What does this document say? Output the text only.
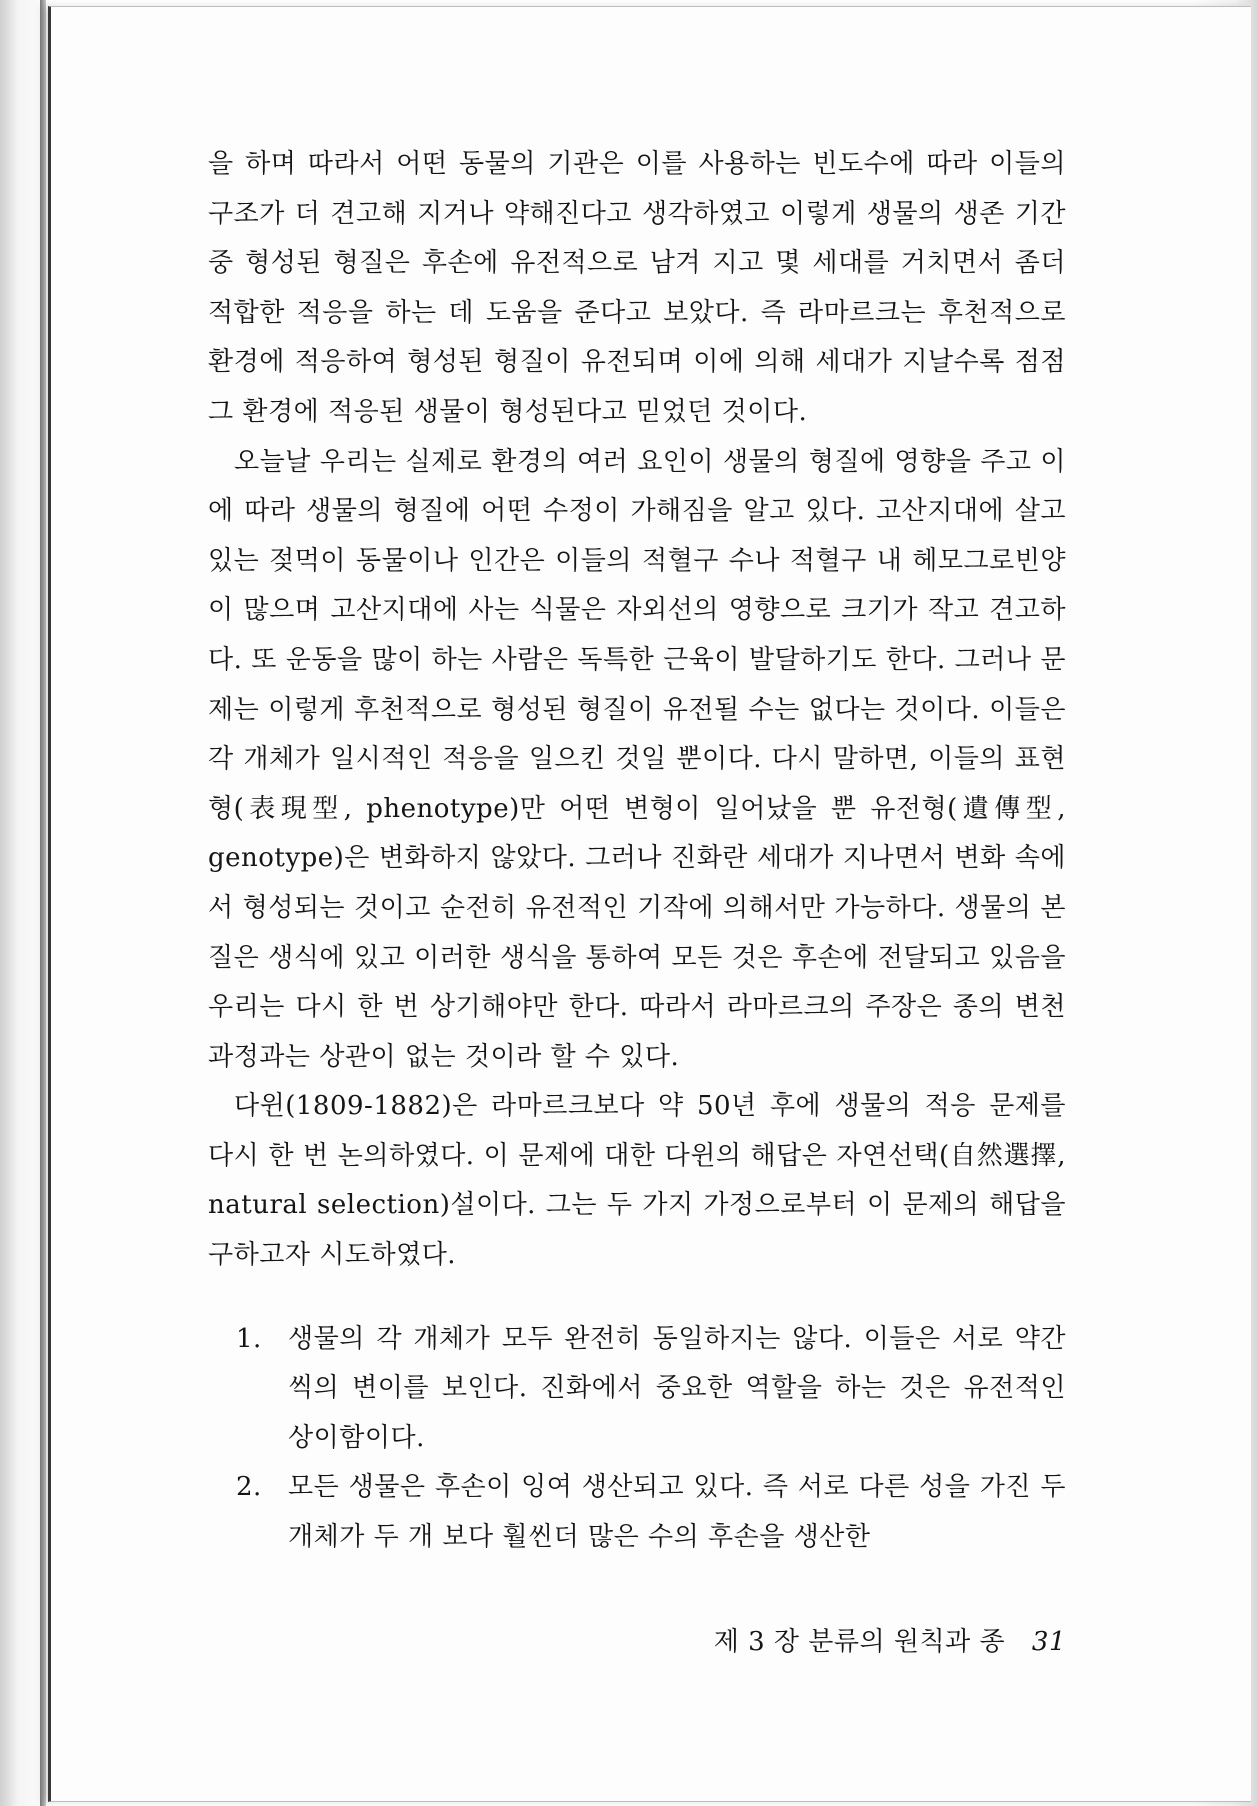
을 하며 따라서 어떤 동물의 기관은 이를 사용하는 빈도수에 따라 이들의 구조가 더 견고해 지거나 약해진다고 생각하였고 이렇게 생물의 생존 기간 중 형성된 형질은 후손에 유전적으로 남겨 지고 몇 세대를 거치면서 좀더 적합한 적응을 하는 데 도움을 준다고 보았다. 즉 라마르크는 후천적으로 환경에 적응하여 형성된 형질이 유전되며 이에 의해 세대가 지날수록 점점 그 환경에 적응된 생물이 형성된다고 믿었던 것이다.

오늘날 우리는 실제로 환경의 여러 요인이 생물의 형질에 영향을 주고 이에 따라 생물의 형질에 어떤 수정이 가해짐을 알고 있다. 고산지대에 살고 있는 젖먹이 동물이나 인간은 이들의 적혈구 수나 적혈구 내 헤모그로빈양이 많으며 고산지대에 사는 식물은 자외선의 영향으로 크기가 작고 견고하다. 또 운동을 많이 하는 사람은 독특한 근육이 발달하기도 한다. 그러나 문제는 이렇게 후천적으로 형성된 형질이 유전될 수는 없다는 것이다. 이들은 각 개체가 일시적인 적응을 일으킨 것일 뿐이다. 다시 말하면, 이들의 표현형(表現型, phenotype)만 어떤 변형이 일어났을 뿐 유전형(遺傳型, genotype)은 변화하지 않았다. 그러나 진화란 세대가 지나면서 변화 속에서 형성되는 것이고 순전히 유전적인 기작에 의해서만 가능하다. 생물의 본질은 생식에 있고 이러한 생식을 통하여 모든 것은 후손에 전달되고 있음을 우리는 다시 한 번 상기해야만 한다. 따라서 라마르크의 주장은 종의 변천 과정과는 상관이 없는 것이라 할 수 있다.

다윈(1809-1882)은 라마르크보다 약 50년 후에 생물의 적응 문제를 다시 한 번 논의하였다. 이 문제에 대한 다윈의 해답은 자연선택(自然選擇, natural selection)설이다. 그는 두 가지 가정으로부터 이 문제의 해답을 구하고자 시도하였다.

1. 생물의 각 개체가 모두 완전히 동일하지는 않다. 이들은 서로 약간씩의 변이를 보인다. 진화에서 중요한 역할을 하는 것은 유전적인 상이함이다.
2. 모든 생물은 후손이 잉여 생산되고 있다. 즉 서로 다른 성을 가진 두 개체가 두 개 보다 훨씬더 많은 수의 후손을 생산한
제 3 장 분류의 원칙과 종 31
